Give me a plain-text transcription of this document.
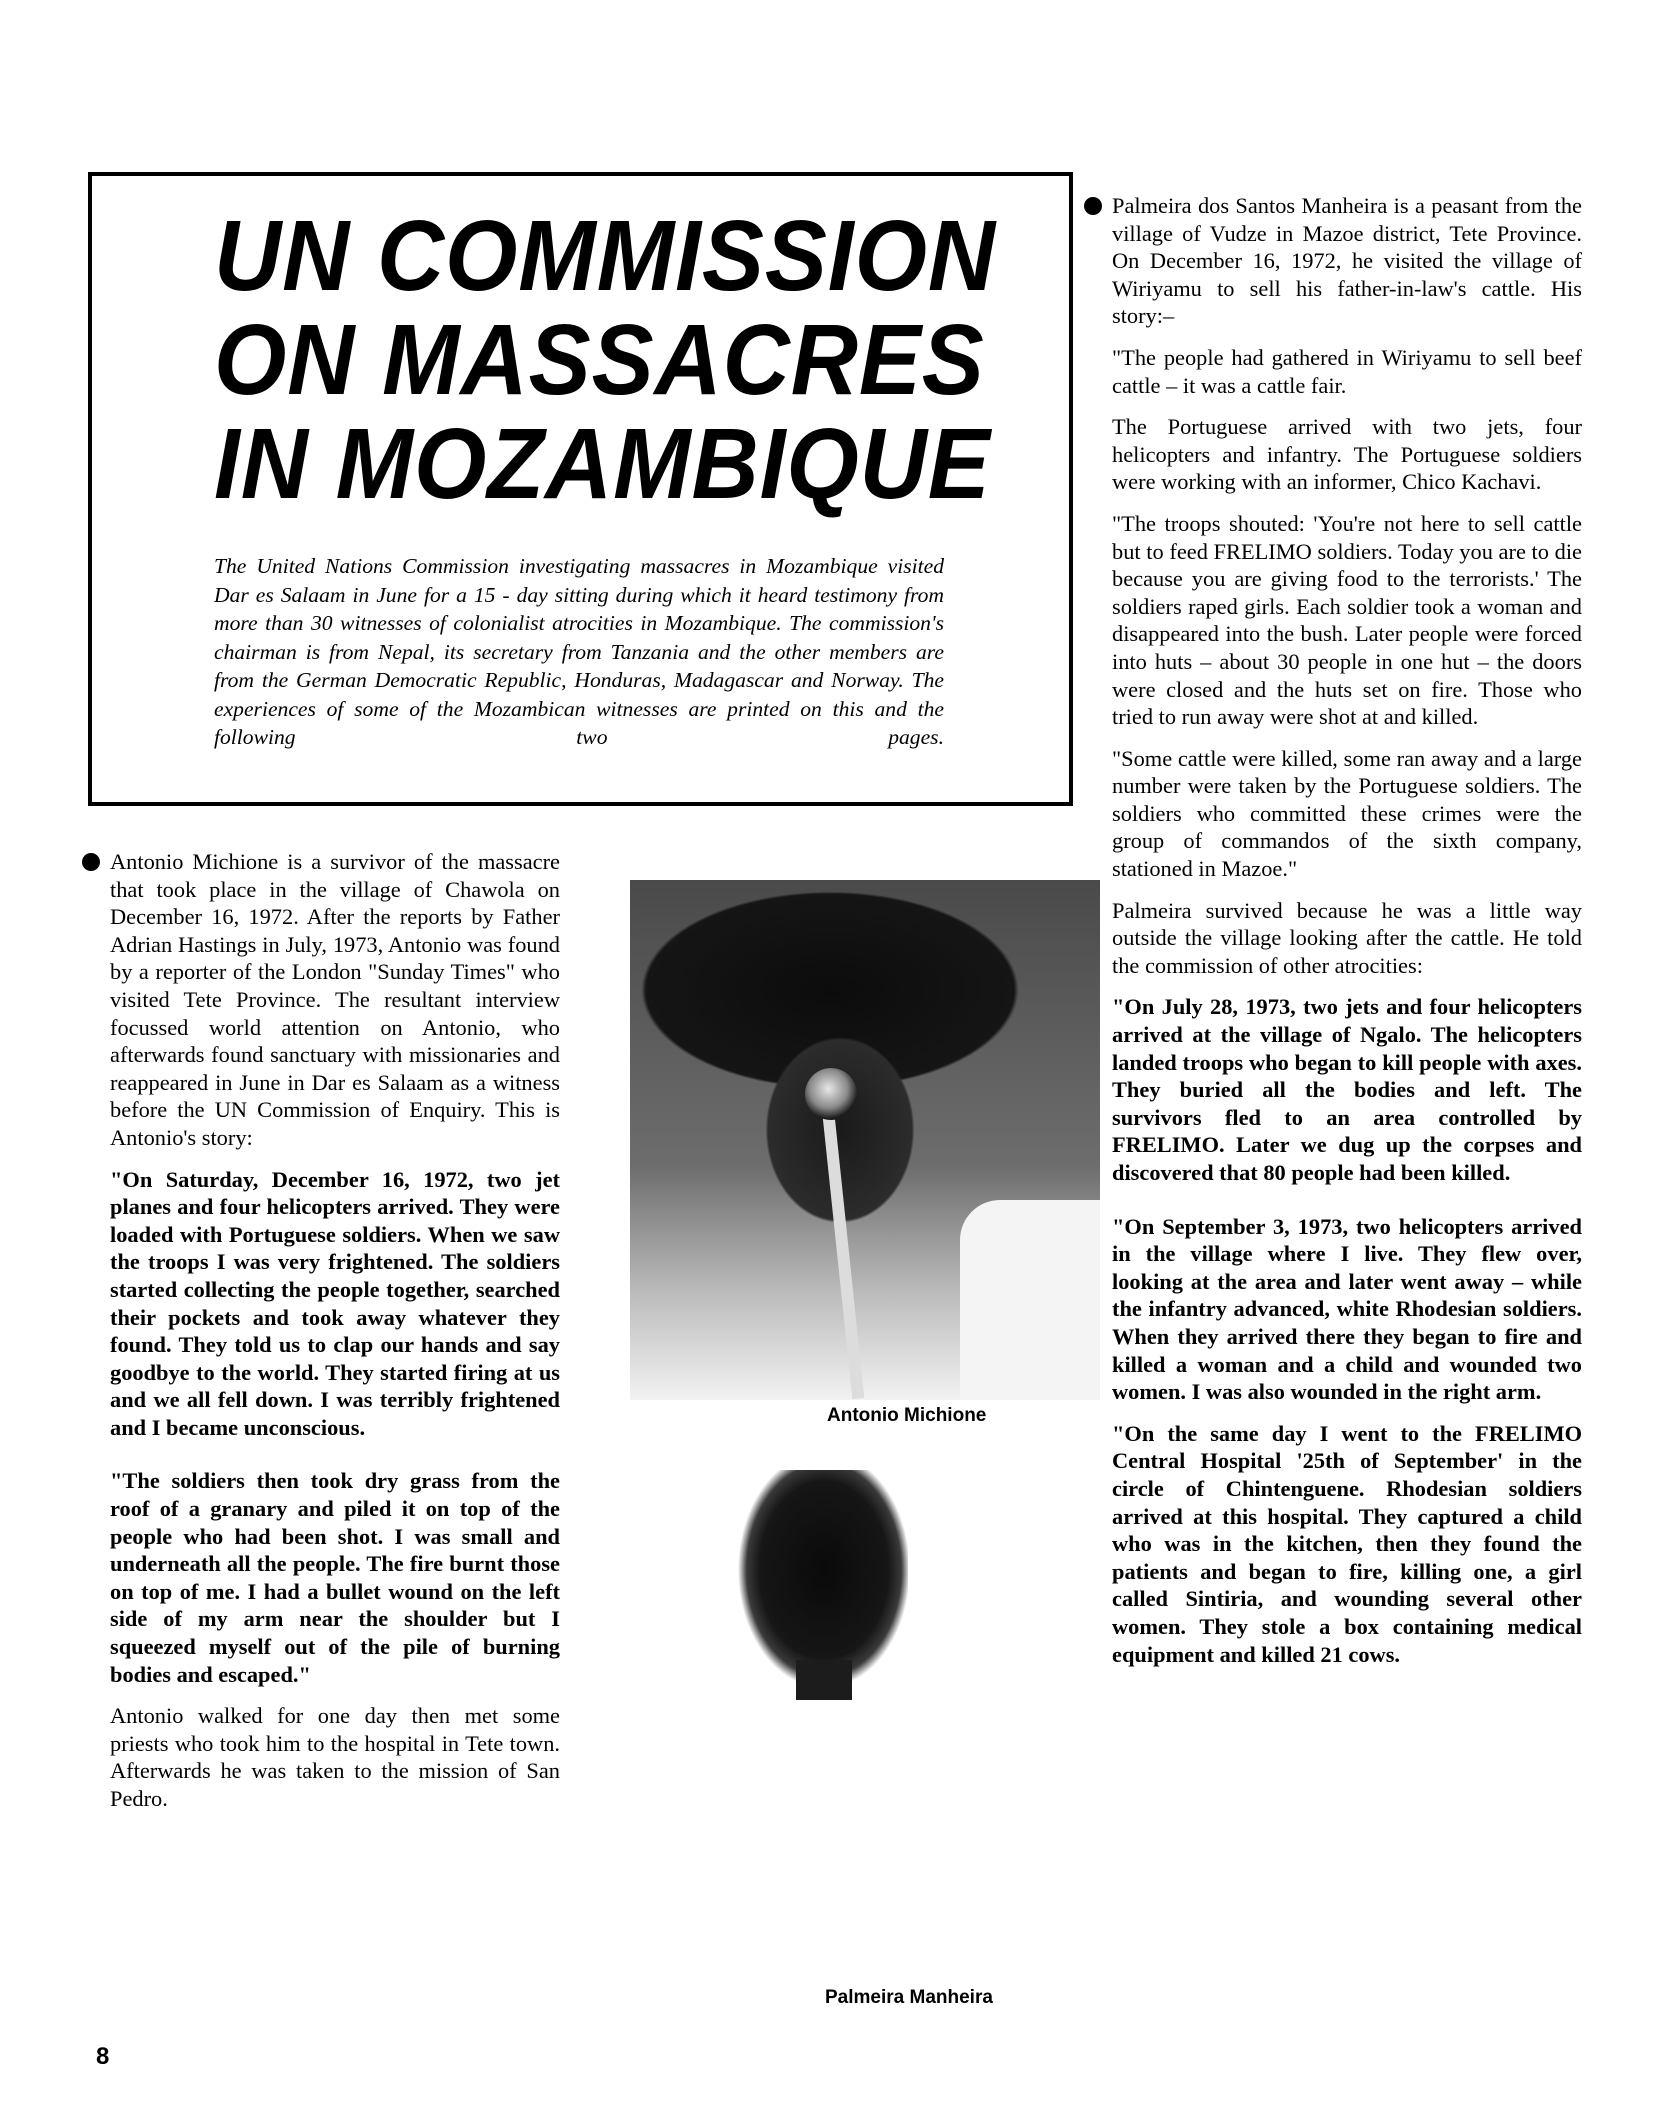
UN COMMISSION
ON MASSACRES
IN MOZAMBIQUE

The United Nations Commission investigating massacres in Mozambique visited Dar es Salaam in June for a 15 - day sitting during which it heard testimony from more than 30 witnesses of colonialist atrocities in Mozambique. The commission's chairman is from Nepal, its secretary from Tanzania and the other members are from the German Democratic Republic, Honduras, Madagascar and Norway. The experiences of some of the Mozambican witnesses are printed on this and the following two pages.

Antonio Michione is a survivor of the massacre that took place in the village of Chawola on December 16, 1972. After the reports by Father Adrian Hastings in July, 1973, Antonio was found by a reporter of the London "Sunday Times" who visited Tete Province. The resultant interview focussed world attention on Antonio, who afterwards found sanctuary with missionaries and reappeared in June in Dar es Salaam as a witness before the UN Commission of Enquiry. This is Antonio's story:

"On Saturday, December 16, 1972, two jet planes and four helicopters arrived. They were loaded with Portuguese soldiers. When we saw the troops I was very frightened. The soldiers started collecting the people together, searched their pockets and took away whatever they found. They told us to clap our hands and say goodbye to the world. They started firing at us and we all fell down. I was terribly frightened and I became unconscious.

"The soldiers then took dry grass from the roof of a granary and piled it on top of the people who had been shot. I was small and underneath all the people. The fire burnt those on top of me. I had a bullet wound on the left side of my arm near the shoulder but I squeezed myself out of the pile of burning bodies and escaped."

Antonio walked for one day then met some priests who took him to the hospital in Tete town. Afterwards he was taken to the mission of San Pedro.

Antonio Michione
Palmeira Manheira

Palmeira dos Santos Manheira is a peasant from the village of Vudze in Mazoe district, Tete Province. On December 16, 1972, he visited the village of Wiriyamu to sell his father-in-law's cattle. His story:–

"The people had gathered in Wiriyamu to sell beef cattle – it was a cattle fair.

The Portuguese arrived with two jets, four helicopters and infantry. The Portuguese soldiers were working with an informer, Chico Kachavi.

"The troops shouted: 'You're not here to sell cattle but to feed FRELIMO soldiers. Today you are to die because you are giving food to the terrorists.' The soldiers raped girls. Each soldier took a woman and disappeared into the bush. Later people were forced into huts – about 30 people in one hut – the doors were closed and the huts set on fire. Those who tried to run away were shot at and killed.

"Some cattle were killed, some ran away and a large number were taken by the Portuguese soldiers. The soldiers who committed these crimes were the group of commandos of the sixth company, stationed in Mazoe."

Palmeira survived because he was a little way outside the village looking after the cattle. He told the commission of other atrocities:

"On July 28, 1973, two jets and four helicopters arrived at the village of Ngalo. The helicopters landed troops who began to kill people with axes. They buried all the bodies and left. The survivors fled to an area controlled by FRELIMO. Later we dug up the corpses and discovered that 80 people had been killed.

"On September 3, 1973, two helicopters arrived in the village where I live. They flew over, looking at the area and later went away – while the infantry advanced, white Rhodesian soldiers. When they arrived there they began to fire and killed a woman and a child and wounded two women. I was also wounded in the right arm.

"On the same day I went to the FRELIMO Central Hospital '25th of September' in the circle of Chintenguene. Rhodesian soldiers arrived at this hospital. They captured a child who was in the kitchen, then they found the patients and began to fire, killing one, a girl called Sintiria, and wounding several other women. They stole a box containing medical equipment and killed 21 cows.

8
